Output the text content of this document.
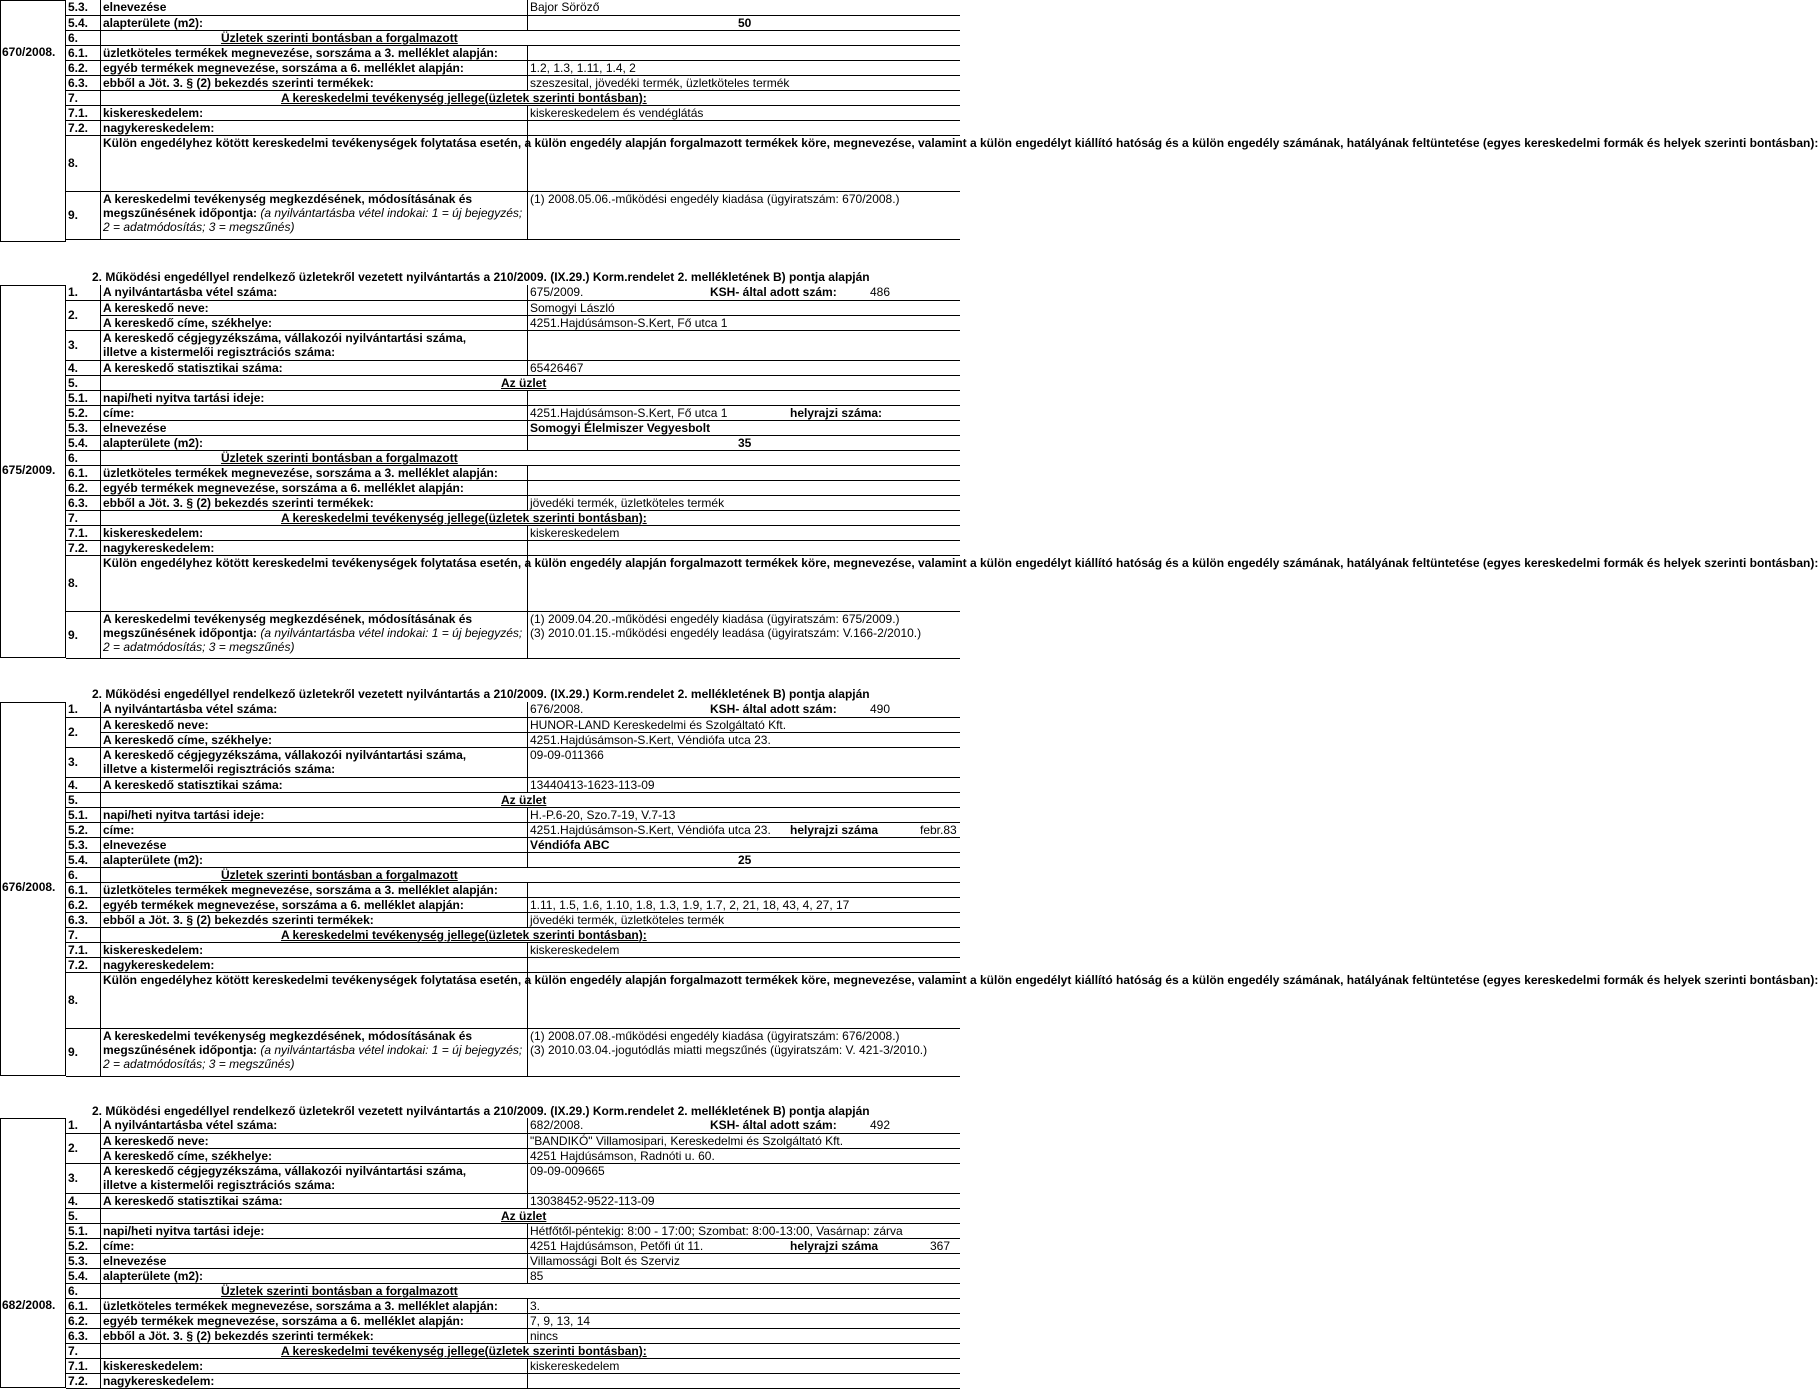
670/2008.
5.3.	elnevezése	Bajor Söröző
5.4.	alapterülete (m2):	50
6.	Üzletek szerinti bontásban a forgalmazott	
6.1.	üzletköteles termékek megnevezése, sorszáma a 3. melléklet alapján:	
6.2.	egyéb termékek megnevezése, sorszáma a 6. melléklet alapján:	1.2, 1.3, 1.11, 1.4, 2
6.3.	ebből a Jöt. 3. § (2) bekezdés szerinti termékek:	szeszesital, jövedéki termék, üzletköteles termék
7.	A kereskedelmi tevékenység jellege(üzletek szerinti bontásban):	
7.1.	kiskereskedelem:	kiskereskedelem és vendéglátás
7.2.	nagykereskedelem:	
8.	Külön engedélyhez kötött kereskedelmi tevékenységek folytatása esetén, a külön engedély alapján forgalmazott termékek köre, megnevezése, valamint a külön engedélyt kiállító hatóság és a külön engedély számának, hatályának feltüntetése (egyes kereskedelmi formák és helyek szerinti bontásban):	
9.	A kereskedelmi tevékenység megkezdésének, módosításának és
megszűnésének időpontja: (a nyilvántartásba vétel indokai: 1 = új bejegyzés;
2 = adatmódosítás; 3 = megszűnés)	(1) 2008.05.06.-működési engedély kiadása (ügyiratszám: 670/2008.)
2. Működési engedéllyel rendelkező üzletekről vezetett nyilvántartás a 210/2009. (IX.29.) Korm.rendelet 2. mellékletének B) pontja alapján
675/2009.
1.	A nyilvántartásba vétel száma:	675/2009. KSH- által adott szám: 486
2.	A kereskedő neve:	Somogyi László
	A kereskedő címe, székhelye:	4251.Hajdúsámson-S.Kert, Fő utca 1
3.	A kereskedő cégjegyzékszáma, vállakozói nyilvántartási száma,
illetve a kistermelői regisztrációs száma:	
4.	A kereskedő statisztikai száma:	65426467
5.	Az üzlet	
5.1.	napi/heti nyitva tartási ideje:	
5.2.	címe:	4251.Hajdúsámson-S.Kert, Fő utca 1 helyrajzi száma:
5.3.	elnevezése	Somogyi Élelmiszer Vegyesbolt
5.4.	alapterülete (m2):	35
6.	Üzletek szerinti bontásban a forgalmazott	
6.1.	üzletköteles termékek megnevezése, sorszáma a 3. melléklet alapján:	
6.2.	egyéb termékek megnevezése, sorszáma a 6. melléklet alapján:	
6.3.	ebből a Jöt. 3. § (2) bekezdés szerinti termékek:	jövedéki termék, üzletköteles termék
7.	A kereskedelmi tevékenység jellege(üzletek szerinti bontásban):	
7.1.	kiskereskedelem:	kiskereskedelem
7.2.	nagykereskedelem:	
8.	Külön engedélyhez kötött kereskedelmi tevékenységek folytatása esetén, a külön engedély alapján forgalmazott termékek köre, megnevezése, valamint a külön engedélyt kiállító hatóság és a külön engedély számának, hatályának feltüntetése (egyes kereskedelmi formák és helyek szerinti bontásban):	
9.	A kereskedelmi tevékenység megkezdésének, módosításának és
megszűnésének időpontja: (a nyilvántartásba vétel indokai: 1 = új bejegyzés;
2 = adatmódosítás; 3 = megszűnés)	(1) 2009.04.20.-működési engedély kiadása (ügyiratszám: 675/2009.)
(3) 2010.01.15.-működési engedély leadása (ügyiratszám: V.166-2/2010.)
2. Működési engedéllyel rendelkező üzletekről vezetett nyilvántartás a 210/2009. (IX.29.) Korm.rendelet 2. mellékletének B) pontja alapján
676/2008.
1.	A nyilvántartásba vétel száma:	676/2008. KSH- által adott szám: 490
2.	A kereskedő neve:	HUNOR-LAND Kereskedelmi és Szolgáltató Kft.
	A kereskedő címe, székhelye:	4251.Hajdúsámson-S.Kert, Véndiófa utca 23.
3.	A kereskedő cégjegyzékszáma, vállakozói nyilvántartási száma,
illetve a kistermelői regisztrációs száma:	09-09-011366
4.	A kereskedő statisztikai száma:	13440413-1623-113-09
5.	Az üzlet	
5.1.	napi/heti nyitva tartási ideje:	H.-P.6-20, Szo.7-19, V.7-13
5.2.	címe:	4251.Hajdúsámson-S.Kert, Véndiófa utca 23. helyrajzi száma febr.83
5.3.	elnevezése	Véndiófa ABC
5.4.	alapterülete (m2):	25
6.	Üzletek szerinti bontásban a forgalmazott	
6.1.	üzletköteles termékek megnevezése, sorszáma a 3. melléklet alapján:	
6.2.	egyéb termékek megnevezése, sorszáma a 6. melléklet alapján:	1.11, 1.5, 1.6, 1.10, 1.8, 1.3, 1.9, 1.7, 2, 21, 18, 43, 4, 27, 17
6.3.	ebből a Jöt. 3. § (2) bekezdés szerinti termékek:	jövedéki termék, üzletköteles termék
7.	A kereskedelmi tevékenység jellege(üzletek szerinti bontásban):	
7.1.	kiskereskedelem:	kiskereskedelem
7.2.	nagykereskedelem:	
8.	Külön engedélyhez kötött kereskedelmi tevékenységek folytatása esetén, a külön engedély alapján forgalmazott termékek köre, megnevezése, valamint a külön engedélyt kiállító hatóság és a külön engedély számának, hatályának feltüntetése (egyes kereskedelmi formák és helyek szerinti bontásban):	
9.	A kereskedelmi tevékenység megkezdésének, módosításának és
megszűnésének időpontja: (a nyilvántartásba vétel indokai: 1 = új bejegyzés;
2 = adatmódosítás; 3 = megszűnés)	(1) 2008.07.08.-működési engedély kiadása (ügyiratszám: 676/2008.)
(3) 2010.03.04.-jogutódlás miatti megszűnés (ügyiratszám: V. 421-3/2010.)
2. Működési engedéllyel rendelkező üzletekről vezetett nyilvántartás a 210/2009. (IX.29.) Korm.rendelet 2. mellékletének B) pontja alapján
682/2008.
1.	A nyilvántartásba vétel száma:	682/2008. KSH- által adott szám: 492
2.	A kereskedő neve:	"BANDIKÓ" Villamosipari, Kereskedelmi és Szolgáltató Kft.
	A kereskedő címe, székhelye:	4251 Hajdúsámson, Radnóti u. 60.
3.	A kereskedő cégjegyzékszáma, vállakozói nyilvántartási száma,
illetve a kistermelői regisztrációs száma:	09-09-009665
4.	A kereskedő statisztikai száma:	13038452-9522-113-09
5.	Az üzlet	
5.1.	napi/heti nyitva tartási ideje:	Hétfőtől-péntekig: 8:00 - 17:00; Szombat: 8:00-13:00, Vasárnap: zárva
5.2.	címe:	4251 Hajdúsámson, Petőfi út 11. helyrajzi száma 367
5.3.	elnevezése	Villamossági Bolt és Szerviz
5.4.	alapterülete (m2):	85
6.	Üzletek szerinti bontásban a forgalmazott	
6.1.	üzletköteles termékek megnevezése, sorszáma a 3. melléklet alapján:	3.
6.2.	egyéb termékek megnevezése, sorszáma a 6. melléklet alapján:	7, 9, 13, 14
6.3.	ebből a Jöt. 3. § (2) bekezdés szerinti termékek:	nincs
7.	A kereskedelmi tevékenység jellege(üzletek szerinti bontásban):	
7.1.	kiskereskedelem:	kiskereskedelem
7.2.	nagykereskedelem:	
